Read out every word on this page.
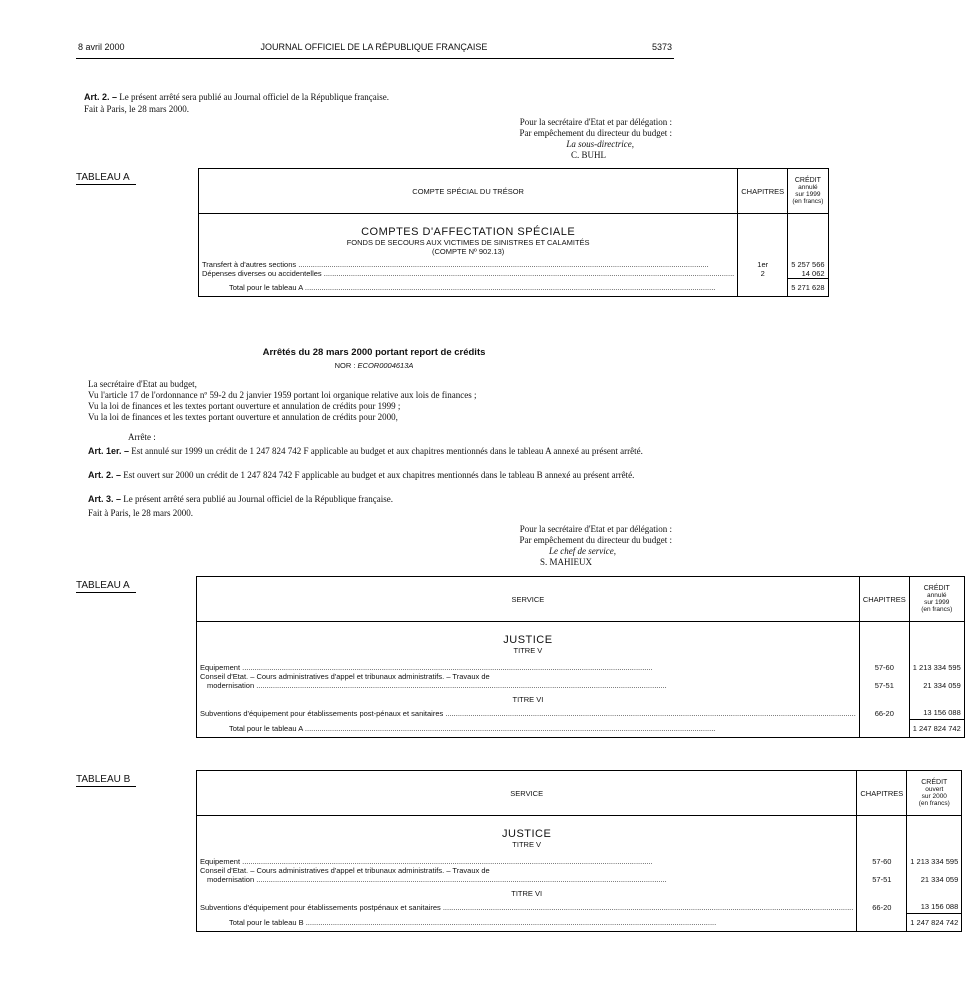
8 avril 2000	JOURNAL OFFICIEL DE LA RÉPUBLIQUE FRANÇAISE	5373
Art. 2. – Le présent arrêté sera publié au Journal officiel de la République française.
Fait à Paris, le 28 mars 2000.
Pour la secrétaire d'Etat et par délégation :
Par empêchement du directeur du budget :
La sous-directrice,
C. BUHL
TABLEAU A
COMPTE SPÉCIAL DU TRÉSOR	CHAPITRES	CRÉDIT
annulé
sur 1999
(en francs)

COMPTES D'AFFECTATION SPÉCIALE		

FONDS DE SECOURS AUX VICTIMES DE SINISTRES ET CALAMITÉS		

(COMPTE Nº 902.13)		

Transfert à d'autres sections .....	1er	5 257 566

Dépenses diverses ou accidentelles .....	2	14 062

Total pour le tableau A .....		5 271 628
Arrêtés du 28 mars 2000 portant report de crédits
NOR : ECOR0004613A
La secrétaire d'Etat au budget,
Vu l'article 17 de l'ordonnance nº 59-2 du 2 janvier 1959 portant loi organique relative aux lois de finances ;
Vu la loi de finances et les textes portant ouverture et annulation de crédits pour 1999 ;
Vu la loi de finances et les textes portant ouverture et annulation de crédits pour 2000,
Arrête :
Art. 1er. – Est annulé sur 1999 un crédit de 1 247 824 742 F applicable au budget et aux chapitres mentionnés dans le tableau A annexé au présent arrêté.
Art. 2. – Est ouvert sur 2000 un crédit de 1 247 824 742 F applicable au budget et aux chapitres mentionnés dans le tableau B annexé au présent arrêté.
Art. 3. – Le présent arrêté sera publié au Journal officiel de la République française.
Fait à Paris, le 28 mars 2000.
Pour la secrétaire d'Etat et par délégation :
Par empêchement du directeur du budget :
Le chef de service,
S. MAHIEUX
TABLEAU A
SERVICE	CHAPITRES	CRÉDIT
annulé
sur 1999
(en francs)

JUSTICE		

TITRE V		

Equipement .....	57-60	1 213 334 595

Conseil d'Etat. – Cours administratives d'appel et tribunaux administratifs. – Travaux de		

modernisation .....	57-51	21 334 059

TITRE VI		

Subventions d'équipement pour établissements post-pénaux et sanitaires .....	66-20	13 156 088

Total pour le tableau A .....		1 247 824 742
TABLEAU B
SERVICE	CHAPITRES	CRÉDIT
ouvert
sur 2000
(en francs)

JUSTICE		

TITRE V		

Equipement .....	57-60	1 213 334 595

Conseil d'Etat. – Cours administratives d'appel et tribunaux administratifs. – Travaux de		

modernisation .....	57-51	21 334 059

TITRE VI		

Subventions d'équipement pour établissements postpénaux et sanitaires .....	66-20	13 156 088

Total pour le tableau B .....		1 247 824 742
